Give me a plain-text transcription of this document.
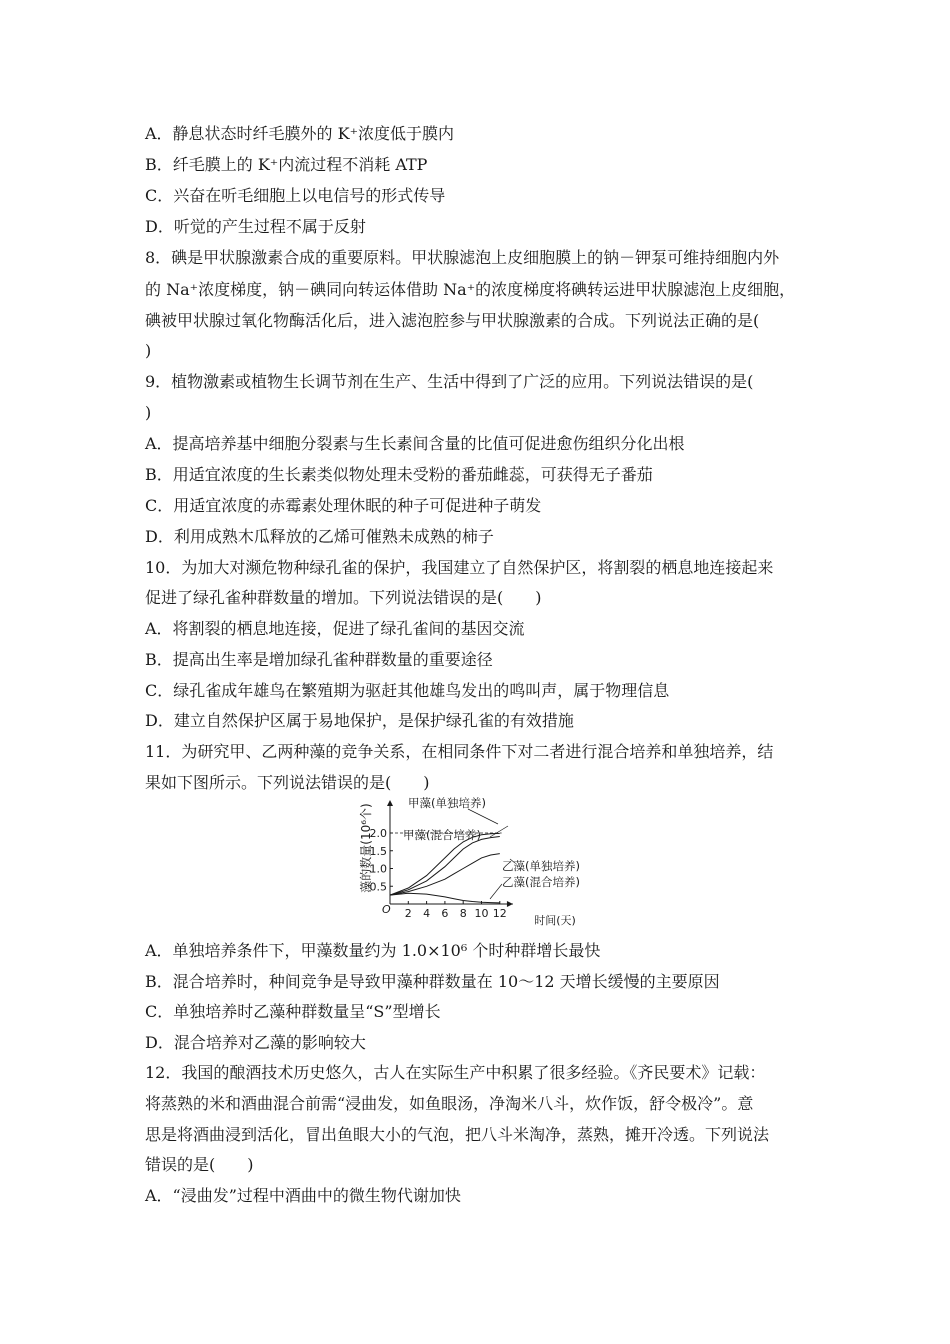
A．静息状态时纤毛膜外的 K⁺浓度低于膜内
B．纤毛膜上的 K⁺内流过程不消耗 ATP
C．兴奋在听毛细胞上以电信号的形式传导
D．听觉的产生过程不属于反射
8．碘是甲状腺激素合成的重要原料。甲状腺滤泡上皮细胞膜上的钠－钾泵可维持细胞内外
的 Na⁺浓度梯度，钠－碘同向转运体借助 Na⁺的浓度梯度将碘转运进甲状腺滤泡上皮细胞，
碘被甲状腺过氧化物酶活化后，进入滤泡腔参与甲状腺激素的合成。下列说法正确的是(
)
9．植物激素或植物生长调节剂在生产、生活中得到了广泛的应用。下列说法错误的是(
)
A．提高培养基中细胞分裂素与生长素间含量的比值可促进愈伤组织分化出根
B．用适宜浓度的生长素类似物处理未受粉的番茄雌蕊，可获得无子番茄
C．用适宜浓度的赤霉素处理休眠的种子可促进种子萌发
D．利用成熟木瓜释放的乙烯可催熟未成熟的柿子
10．为加大对濒危物种绿孔雀的保护，我国建立了自然保护区，将割裂的栖息地连接起来
促进了绿孔雀种群数量的增加。下列说法错误的是(　　)
A．将割裂的栖息地连接，促进了绿孔雀间的基因交流
B．提高出生率是增加绿孔雀种群数量的重要途径
C．绿孔雀成年雄鸟在繁殖期为驱赶其他雄鸟发出的鸣叫声，属于物理信息
D．建立自然保护区属于易地保护，是保护绿孔雀的有效措施
11．为研究甲、乙两种藻的竞争关系，在相同条件下对二者进行混合培养和单独培养，结
果如下图所示。下列说法错误的是(　　)
A．单独培养条件下，甲藻数量约为 1.0×10⁶ 个时种群增长最快
B．混合培养时，种间竞争是导致甲藻种群数量在 10～12 天增长缓慢的主要原因
C．单独培养时乙藻种群数量呈“S”型增长
D．混合培养对乙藻的影响较大
12．我国的酿酒技术历史悠久，古人在实际生产中积累了很多经验。《齐民要术》记载：
将蒸熟的米和酒曲混合前需“浸曲发，如鱼眼汤，净淘米八斗，炊作饭，舒令极冷”。意
思是将酒曲浸到活化，冒出鱼眼大小的气泡，把八斗米淘净，蒸熟，摊开冷透。下列说法
错误的是(　　)
A．“浸曲发”过程中酒曲中的微生物代谢加快
2 4 6 8 10 12
0.5
1.0
1.5
2.0
甲藻(单独培养)
甲藻(混合培养)
乙藻(单独培养)
乙藻(混合培养)
藻的数量(10⁶个)
时间(天)
O
